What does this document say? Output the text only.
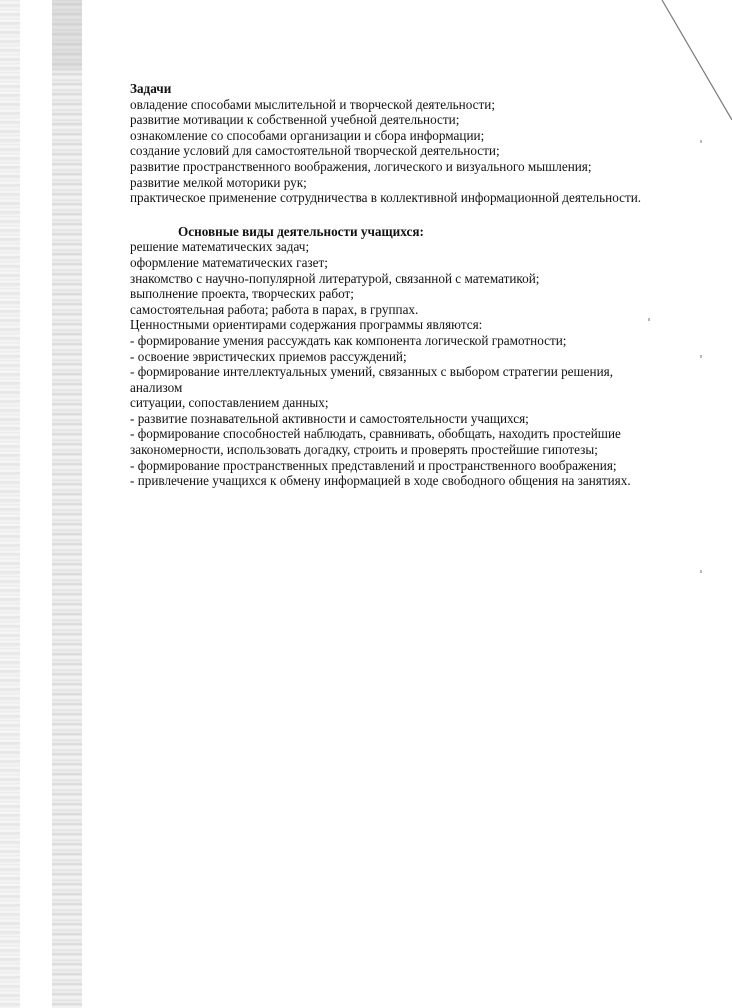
Задачи
овладение способами мыслительной и творческой деятельности;
развитие мотивации к собственной учебной деятельности;
ознакомление со способами организации и сбора информации;
создание условий для самостоятельной творческой деятельности;
развитие пространственного воображения, логического и визуального мышления;
развитие мелкой моторики рук;
практическое применение сотрудничества в коллективной информационной деятельности.
Основные виды деятельности учащихся:
решение математических задач;
оформление математических газет;
знакомство с научно-популярной литературой, связанной с математикой;
выполнение проекта, творческих работ;
самостоятельная работа; работа в парах, в группах.
Ценностными ориентирами содержания программы являются:
- формирование умения рассуждать как компонента логической грамотности;
- освоение эвристических приемов рассуждений;
- формирование интеллектуальных умений, связанных с выбором стратегии решения,
анализом
ситуации, сопоставлением данных;
- развитие познавательной активности и самостоятельности учащихся;
- формирование способностей наблюдать, сравнивать, обобщать, находить простейшие
закономерности, использовать догадку, строить и проверять простейшие гипотезы;
- формирование пространственных представлений и пространственного воображения;
- привлечение учащихся к обмену информацией в ходе свободного общения на занятиях.
